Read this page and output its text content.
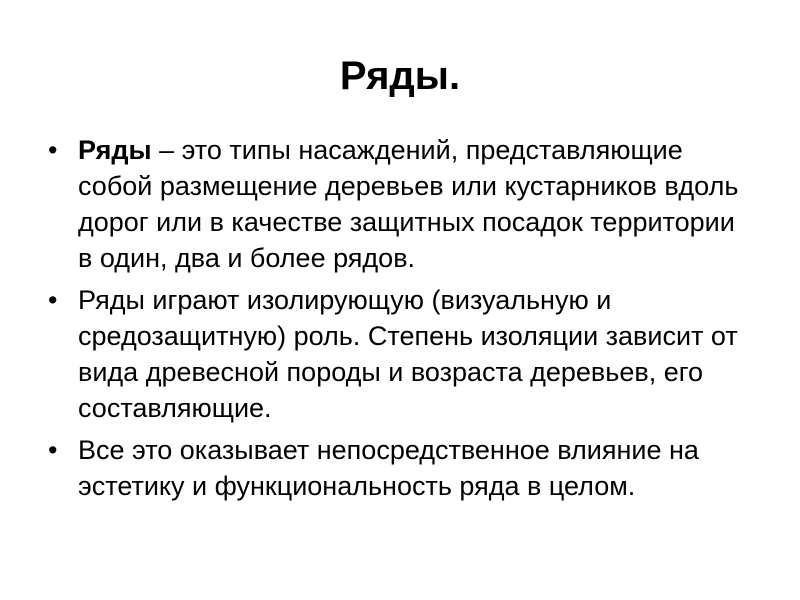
Ряды.
• Ряды – это типы насаждений, представляющие собой размещение деревьев или кустарников вдоль дорог или в качестве защитных посадок территории в один, два и более рядов.
• Ряды играют изолирующую (визуальную и средозащитную) роль. Степень изоляции зависит от вида древесной породы и возраста деревьев, его составляющие.
• Все это оказывает непосредственное влияние на эстетику и функциональность ряда в целом.
